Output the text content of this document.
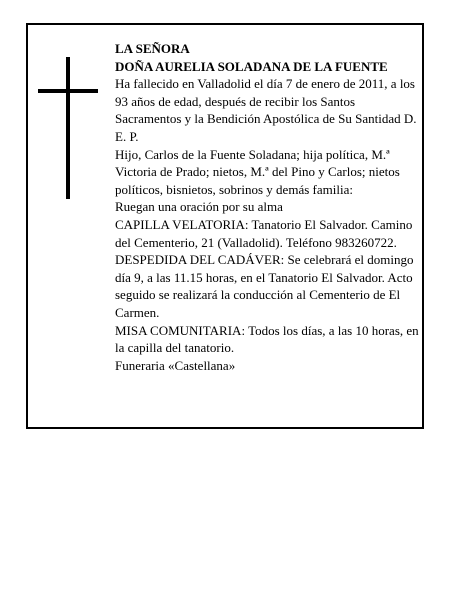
LA SEÑORA

DOÑA AURELIA SOLADANA DE LA FUENTE

Ha fallecido en Valladolid el día 7 de enero de 2011, a los 93 años de edad, después de recibir los Santos Sacramentos y la Bendición Apostólica de Su Santidad D. E. P.

Hijo, Carlos de la Fuente Soladana; hija política, M.ª Victoria de Prado; nietos, M.ª del Pino y Carlos; nietos políticos, bisnietos, sobrinos y demás familia:

Ruegan una oración por su alma

CAPILLA VELATORIA: Tanatorio El Salvador. Camino del Cementerio, 21 (Valladolid). Teléfono 983260722.

DESPEDIDA DEL CADÁVER: Se celebrará el domingo día 9, a las 11.15 horas, en el Tanatorio El Salvador. Acto seguido se realizará la conducción al Cementerio de El Carmen.

MISA COMUNITARIA: Todos los días, a las 10 horas, en la capilla del tanatorio.

Funeraria «Castellana»
